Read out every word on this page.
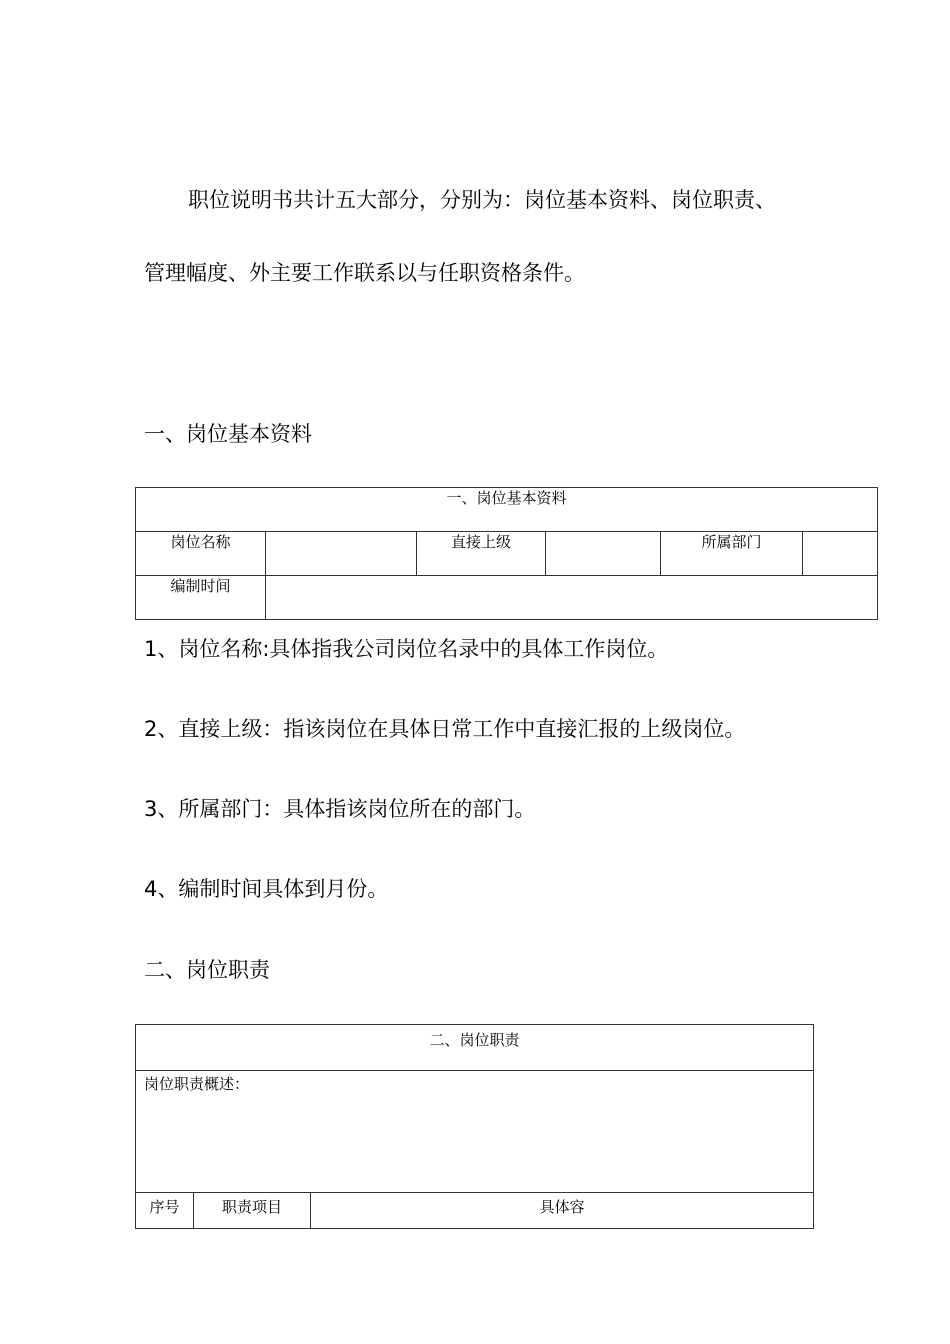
职位说明书共计五大部分，分别为：岗位基本资料、岗位职责、

管理幅度、外主要工作联系以与任职资格条件。

一、岗位基本资料

一、岗位基本资料					
岗位名称		直接上级		所属部门	
编制时间					

1、岗位名称:具体指我公司岗位名录中的具体工作岗位。

2、直接上级：指该岗位在具体日常工作中直接汇报的上级岗位。

3、所属部门：具体指该岗位所在的部门。

4、编制时间具体到月份。

二、岗位职责

二、岗位职责
岗位职责概述：
序号	职责项目	具体容
